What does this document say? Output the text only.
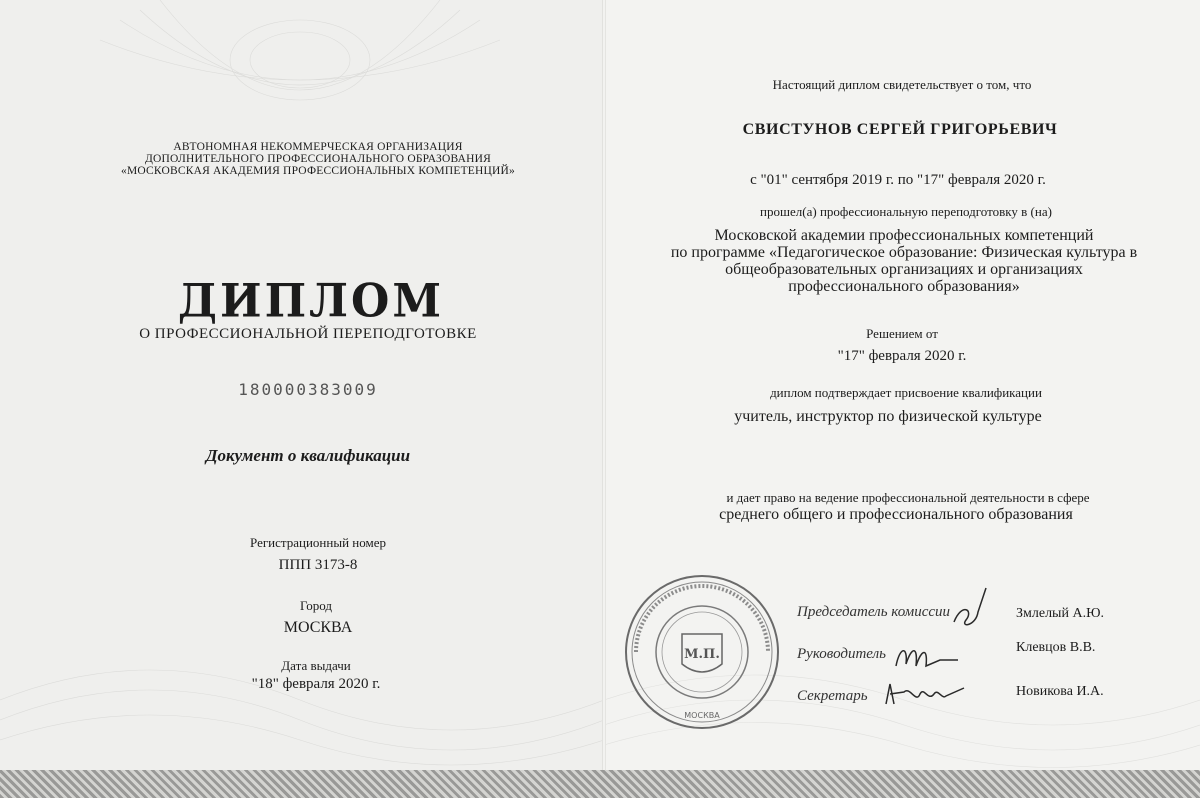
АВТОНОМНАЯ НЕКОММЕРЧЕСКАЯ ОРГАНИЗАЦИЯ
ДОПОЛНИТЕЛЬНОГО ПРОФЕССИОНАЛЬНОГО ОБРАЗОВАНИЯ
«МОСКОВСКАЯ АКАДЕМИЯ ПРОФЕССИОНАЛЬНЫХ КОМПЕТЕНЦИЙ»
ДИПЛОМ
О ПРОФЕССИОНАЛЬНОЙ ПЕРЕПОДГОТОВКЕ
180000383009
Документ о квалификации
Регистрационный номер
ППП 3173-8
Город
МОСКВА
Дата выдачи
"18" февраля 2020 г.
Настоящий диплом свидетельствует о том, что
СВИСТУНОВ СЕРГЕЙ ГРИГОРЬЕВИЧ
с "01" сентября 2019 г. по "17" февраля 2020 г.
прошел(а) профессиональную переподготовку в (на)
Московской академии профессиональных компетенций
по программе «Педагогическое образование: Физическая культура в
общеобразовательных организациях и организациях
профессионального образования»
Решением от
"17" февраля 2020 г.
диплом подтверждает присвоение квалификации
учитель, инструктор по физической культуре
и дает право на ведение профессиональной деятельности в сфере
среднего общего и профессионального образования
М.П.
МОСКВА
Председатель комиссии	Змлелый А.Ю.
Руководитель	Клевцов В.В.
Секретарь	Новикова И.А.
